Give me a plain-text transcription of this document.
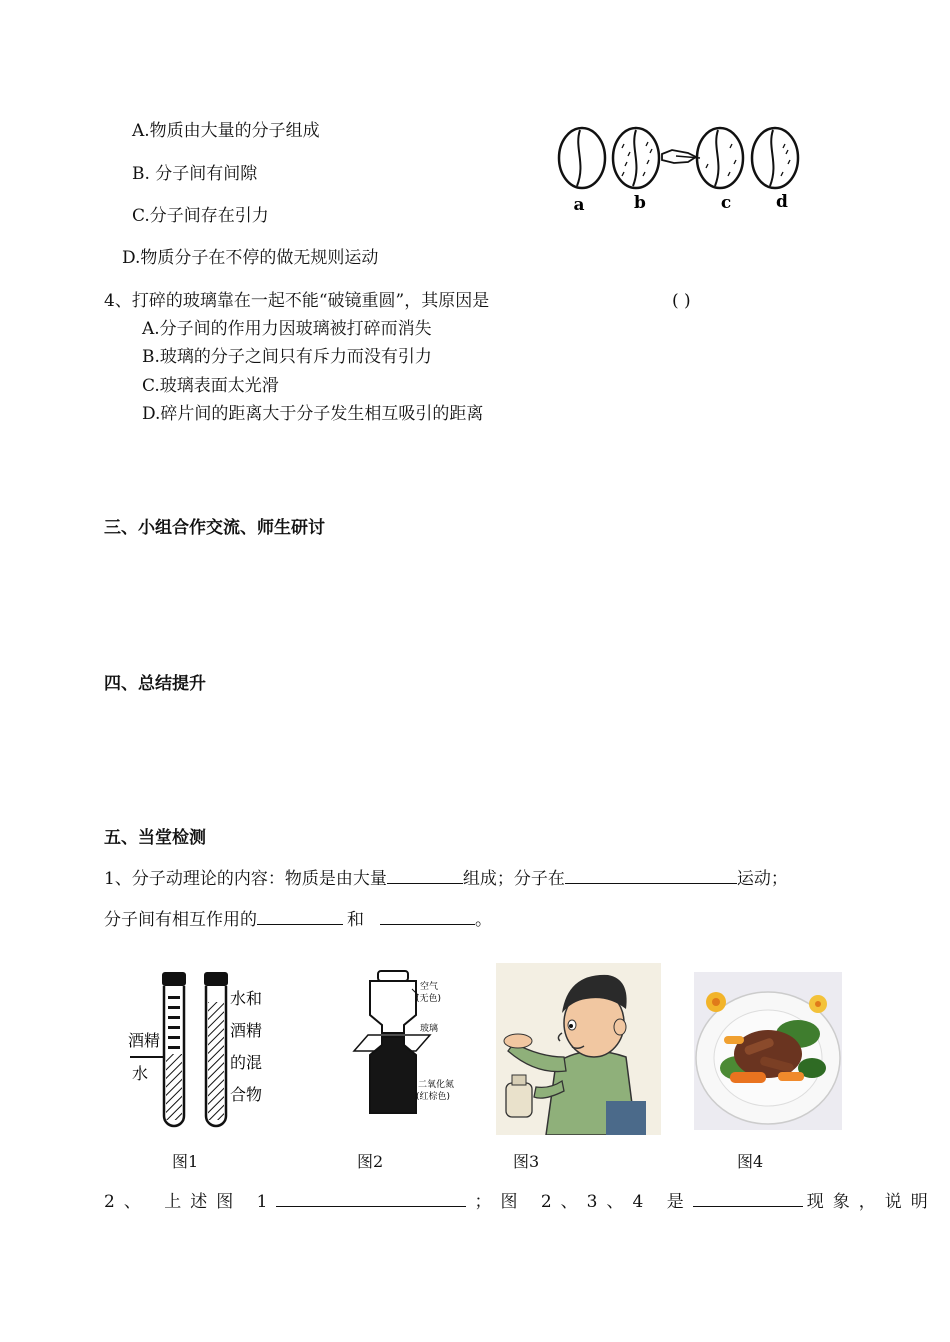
A.物质由大量的分子组成
B. 分子间有间隙
C.分子间存在引力
D.物质分子在不停的做无规则运动
a	b	c	d
4、打碎的玻璃靠在一起不能“破镜重圆”，其原因是	( )
A.分子间的作用力因玻璃被打碎而消失
B.玻璃的分子之间只有斥力而没有引力
C.玻璃表面太光滑
D.碎片间的距离大于分子发生相互吸引的距离
三、小组合作交流、师生研讨
四、总结提升
五、当堂检测
1、分子动理论的内容：物质是由大量	组成；分子在	运动；
分子间有相互作用的	和	。
酒精
水
水和
酒精
的混
合物
空气
(无色)
玻璃
二氧化氮
(红棕色)
图1	图2	图3	图4
2、 上述图 1	；图 2、3、4 是	现象，说明
